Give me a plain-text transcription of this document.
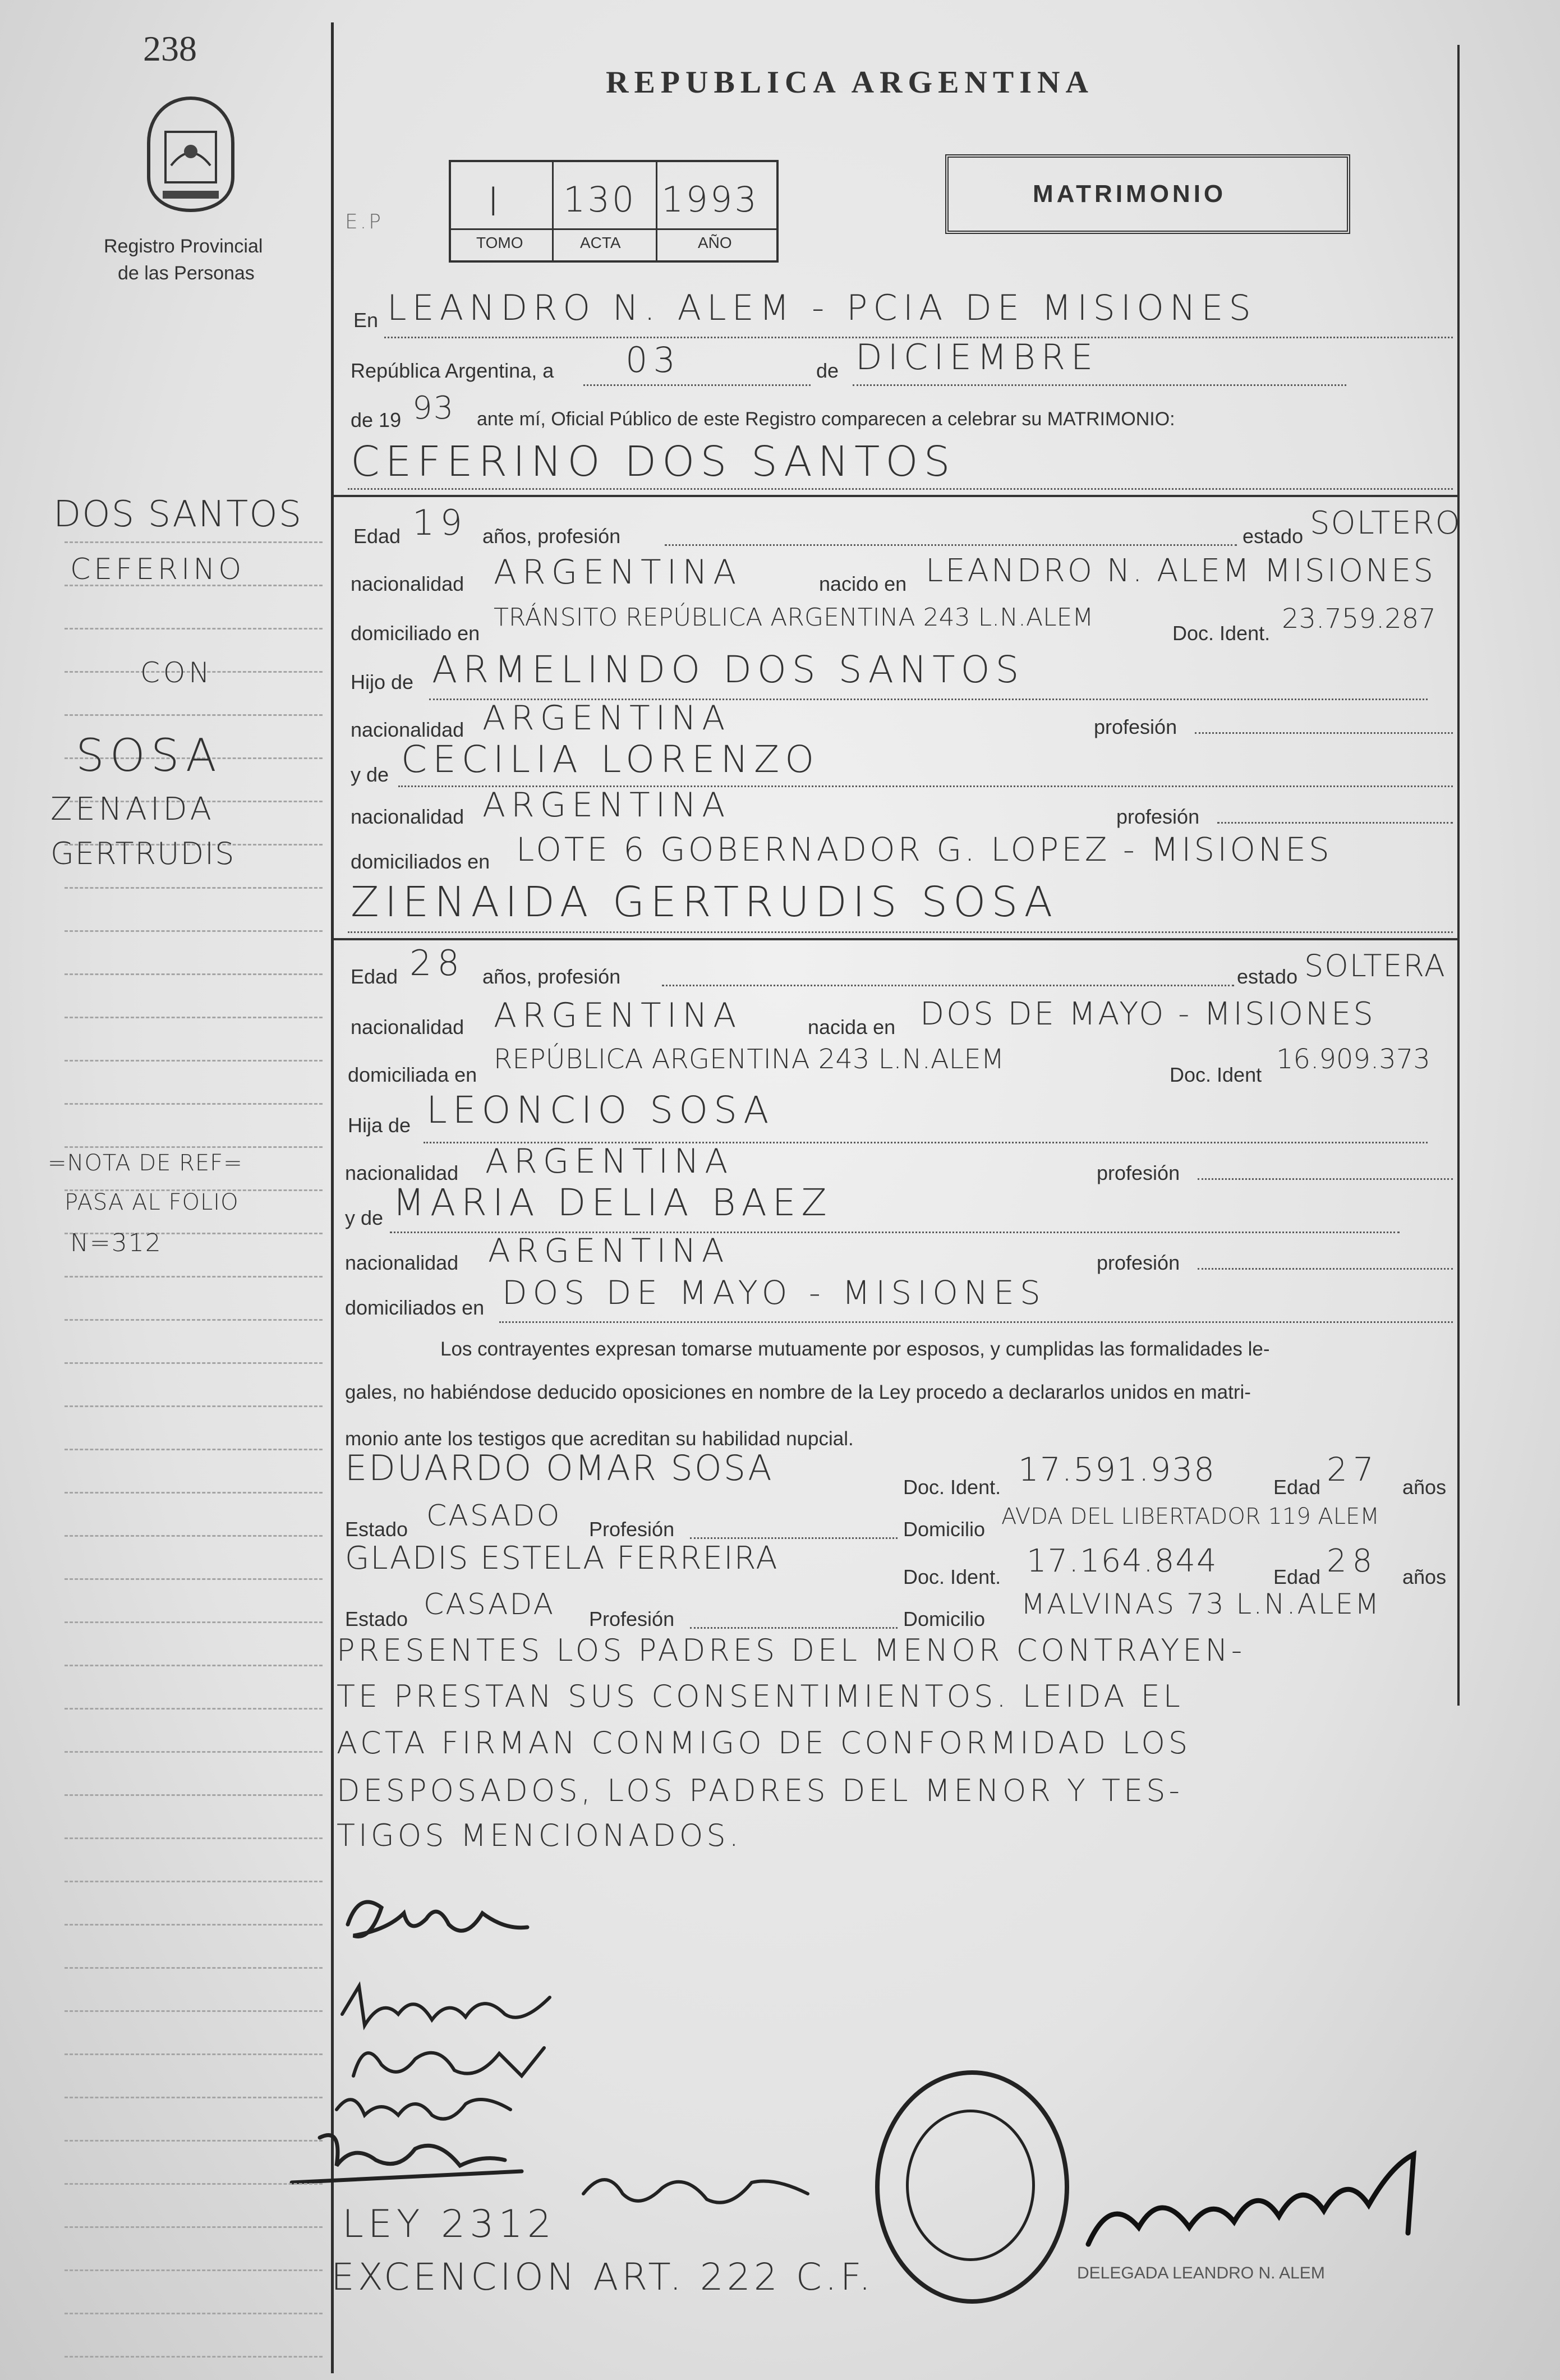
238
Registro Provincial
de las Personas
REPUBLICA ARGENTINA
I
TOMO
130
ACTA
1993
AÑO
E.P
MATRIMONIO
En LEANDRO N. ALEM - PCIA DE MISIONES
República Argentina, a 03	de DICIEMBRE
de 19 93 ante mí, Oficial Público de este Registro comparecen a celebrar su MATRIMONIO:
CEFERINO DOS SANTOS
Edad 19 años, profesión	estado SOLTERO
nacionalidad ARGENTINA	nacido en LEANDRO N. ALEM MISIONES
domiciliado en
TRÁNSITO REPÚBLICA ARGENTINA 243 L.N.ALEM
Doc. Ident. 23.759.287
Hijo de ARMELINDO DOS SANTOS
nacionalidad ARGENTINA	profesión
y de CECILIA LORENZO
nacionalidad ARGENTINA	profesión
domiciliados en LOTE 6 GOBERNADOR G. LOPEZ - MISIONES
ZIENAIDA GERTRUDIS SOSA
Edad 28 años, profesión	estado SOLTERA
nacionalidad ARGENTINA	nacida en DOS DE MAYO - MISIONES
domiciliada en REPÚBLICA ARGENTINA 243 L.N.ALEM	Doc. Ident 16.909.373
Hija de LEONCIO SOSA
nacionalidad ARGENTINA	profesión
y de MARIA DELIA BAEZ
nacionalidad ARGENTINA	profesión
domiciliados en DOS DE MAYO - MISIONES
Los contrayentes expresan tomarse mutuamente por esposos, y cumplidas las formalidades le-
gales, no habiéndose deducido oposiciones en nombre de la Ley procedo a declararlos unidos en matri-
monio ante los testigos que acreditan su habilidad nupcial.
EDUARDO OMAR SOSA	Doc. Ident. 17.591.938	Edad 27 años
Estado CASADO Profesión	Domicilio AVDA DEL LIBERTADOR 119 ALEM
GLADIS ESTELA FERREIRA
Doc. Ident. 17.164.844	Edad 28 años
Estado CASADA Profesión	Domicilio MALVINAS 73 L.N.ALEM
PRESENTES LOS PADRES DEL MENOR CONTRAYEN-
TE PRESTAN SUS CONSENTIMIENTOS. LEIDA EL
ACTA FIRMAN CONMIGO DE CONFORMIDAD LOS
DESPOSADOS, LOS PADRES DEL MENOR Y TES-
TIGOS MENCIONADOS.
LEY 2312
EXCENCION ART. 222 C.F.	DELEGADA LEANDRO N. ALEM
DOS SANTOS
CEFERINO
CON
SOSA
ZENAIDA
GERTRUDIS
=NOTA DE REF=
PASA AL FOLIO
N=312
